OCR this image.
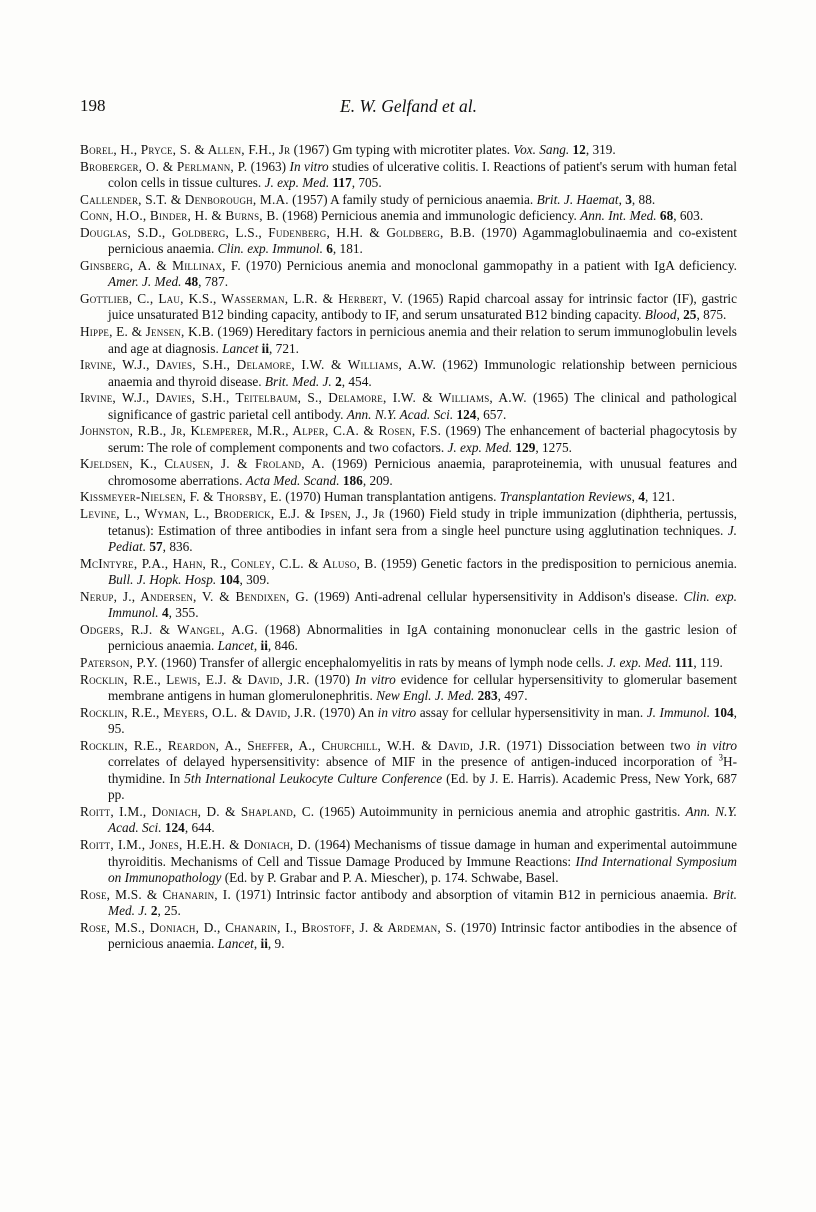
198	E. W. Gelfand et al.

Borel, H., Pryce, S. & Allen, F.H., Jr (1967) Gm typing with microtiter plates. Vox. Sang. 12, 319.

Broberger, O. & Perlmann, P. (1963) In vitro studies of ulcerative colitis. I. Reactions of patient's serum with human fetal colon cells in tissue cultures. J. exp. Med. 117, 705.

Callender, S.T. & Denborough, M.A. (1957) A family study of pernicious anaemia. Brit. J. Haemat, 3, 88.

Conn, H.O., Binder, H. & Burns, B. (1968) Pernicious anemia and immunologic deficiency. Ann. Int. Med. 68, 603.

Douglas, S.D., Goldberg, L.S., Fudenberg, H.H. & Goldberg, B.B. (1970) Agammaglobulinaemia and co-existent pernicious anaemia. Clin. exp. Immunol. 6, 181.

Ginsberg, A. & Millinax, F. (1970) Pernicious anemia and monoclonal gammopathy in a patient with IgA deficiency. Amer. J. Med. 48, 787.

Gottlieb, C., Lau, K.S., Wasserman, L.R. & Herbert, V. (1965) Rapid charcoal assay for intrinsic factor (IF), gastric juice unsaturated B12 binding capacity, antibody to IF, and serum unsaturated B12 binding capacity. Blood, 25, 875.

Hippe, E. & Jensen, K.B. (1969) Hereditary factors in pernicious anemia and their relation to serum immunoglobulin levels and age at diagnosis. Lancet ii, 721.

Irvine, W.J., Davies, S.H., Delamore, I.W. & Williams, A.W. (1962) Immunologic relationship between pernicious anaemia and thyroid disease. Brit. Med. J. 2, 454.

Irvine, W.J., Davies, S.H., Teitelbaum, S., Delamore, I.W. & Williams, A.W. (1965) The clinical and pathological significance of gastric parietal cell antibody. Ann. N.Y. Acad. Sci. 124, 657.

Johnston, R.B., Jr, Klemperer, M.R., Alper, C.A. & Rosen, F.S. (1969) The enhancement of bacterial phagocytosis by serum: The role of complement components and two cofactors. J. exp. Med. 129, 1275.

Kjeldsen, K., Clausen, J. & Froland, A. (1969) Pernicious anaemia, paraproteinemia, with unusual features and chromosome aberrations. Acta Med. Scand. 186, 209.

Kissmeyer-Nielsen, F. & Thorsby, E. (1970) Human transplantation antigens. Transplantation Reviews, 4, 121.

Levine, L., Wyman, L., Broderick, E.J. & Ipsen, J., Jr (1960) Field study in triple immunization (diphtheria, pertussis, tetanus): Estimation of three antibodies in infant sera from a single heel puncture using agglutination techniques. J. Pediat. 57, 836.

McIntyre, P.A., Hahn, R., Conley, C.L. & Aluso, B. (1959) Genetic factors in the predisposition to pernicious anemia. Bull. J. Hopk. Hosp. 104, 309.

Nerup, J., Andersen, V. & Bendixen, G. (1969) Anti-adrenal cellular hypersensitivity in Addison's disease. Clin. exp. Immunol. 4, 355.

Odgers, R.J. & Wangel, A.G. (1968) Abnormalities in IgA containing mononuclear cells in the gastric lesion of pernicious anaemia. Lancet, ii, 846.

Paterson, P.Y. (1960) Transfer of allergic encephalomyelitis in rats by means of lymph node cells. J. exp. Med. 111, 119.

Rocklin, R.E., Lewis, E.J. & David, J.R. (1970) In vitro evidence for cellular hypersensitivity to glomerular basement membrane antigens in human glomerulonephritis. New Engl. J. Med. 283, 497.

Rocklin, R.E., Meyers, O.L. & David, J.R. (1970) An in vitro assay for cellular hypersensitivity in man. J. Immunol. 104, 95.

Rocklin, R.E., Reardon, A., Sheffer, A., Churchill, W.H. & David, J.R. (1971) Dissociation between two in vitro correlates of delayed hypersensitivity: absence of MIF in the presence of antigen-induced incorporation of $^3$H-thymidine. In 5th International Leukocyte Culture Conference (Ed. by J. E. Harris). Academic Press, New York, 687 pp.

Roitt, I.M., Doniach, D. & Shapland, C. (1965) Autoimmunity in pernicious anemia and atrophic gastritis. Ann. N.Y. Acad. Sci. 124, 644.

Roitt, I.M., Jones, H.E.H. & Doniach, D. (1964) Mechanisms of tissue damage in human and experimental autoimmune thyroiditis. Mechanisms of Cell and Tissue Damage Produced by Immune Reactions: IInd International Symposium on Immunopathology (Ed. by P. Grabar and P. A. Miescher), p. 174. Schwabe, Basel.

Rose, M.S. & Chanarin, I. (1971) Intrinsic factor antibody and absorption of vitamin B12 in pernicious anaemia. Brit. Med. J. 2, 25.

Rose, M.S., Doniach, D., Chanarin, I., Brostoff, J. & Ardeman, S. (1970) Intrinsic factor antibodies in the absence of pernicious anaemia. Lancet, ii, 9.
